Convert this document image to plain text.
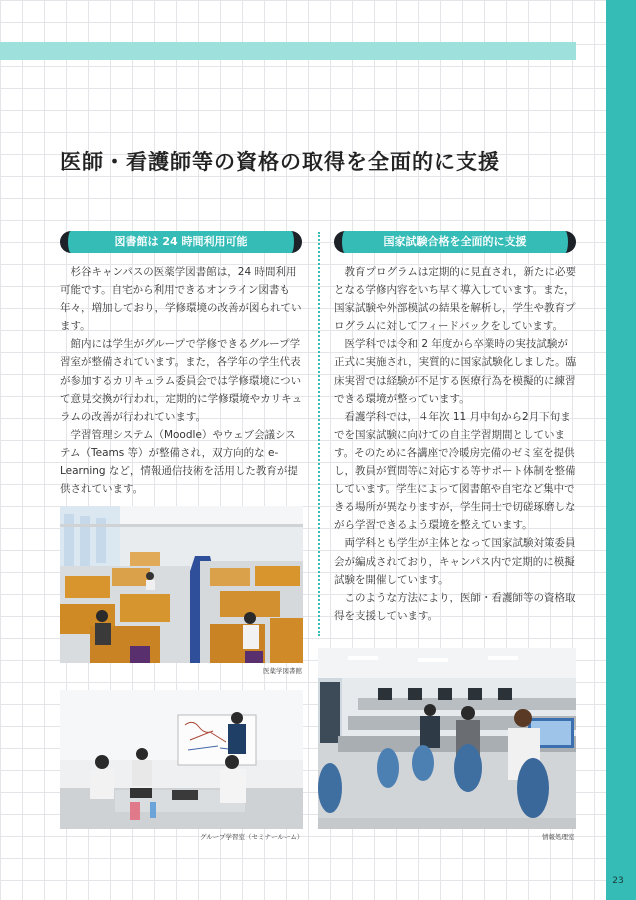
医師・看護師等の資格の取得を全面的に支援
図書館は 24 時間利用可能	国家試験合格を全面的に支援

杉谷キャンパスの医薬学図書館は，24 時間利用可能です。自宅から利用できるオンライン図書も年々，増加しており，学修環境の改善が図られています。

館内には学生がグループで学修できるグループ学習室が整備されています。また，各学年の学生代表が参加するカリキュラム委員会では学修環境について意見交換が行われ，定期的に学修環境やカリキュラムの改善が行われています。

学習管理システム（Moodle）やウェブ会議システム（Teams 等）が整備され，双方向的な e-Learning など，情報通信技術を活用した教育が提供されています。

教育プログラムは定期的に見直され，新たに必要となる学修内容をいち早く導入しています。また，国家試験や外部模試の結果を解析し，学生や教育プログラムに対してフィードバックをしています。

医学科では令和 2 年度から卒業時の実技試験が正式に実施され，実質的に国家試験化しました。臨床実習では経験が不足する医療行為を模擬的に練習できる環境が整っています。

看護学科では，４年次 11 月中旬から2月下旬までを国家試験に向けての自主学習期間としています。そのために各講座で冷暖房完備のゼミ室を提供し，教員が質問等に対応する等サポート体制を整備しています。学生によって図書館や自宅など集中できる場所が異なりますが，学生同士で切磋琢磨しながら学習できるよう環境を整えています。

両学科とも学生が主体となって国家試験対策委員会が編成されており，キャンパス内で定期的に模擬試験を開催しています。

このような方法により，医師・看護師等の資格取得を支援しています。

医薬学図書館
グループ学習室（セミナールーム）	情報処理室
23
